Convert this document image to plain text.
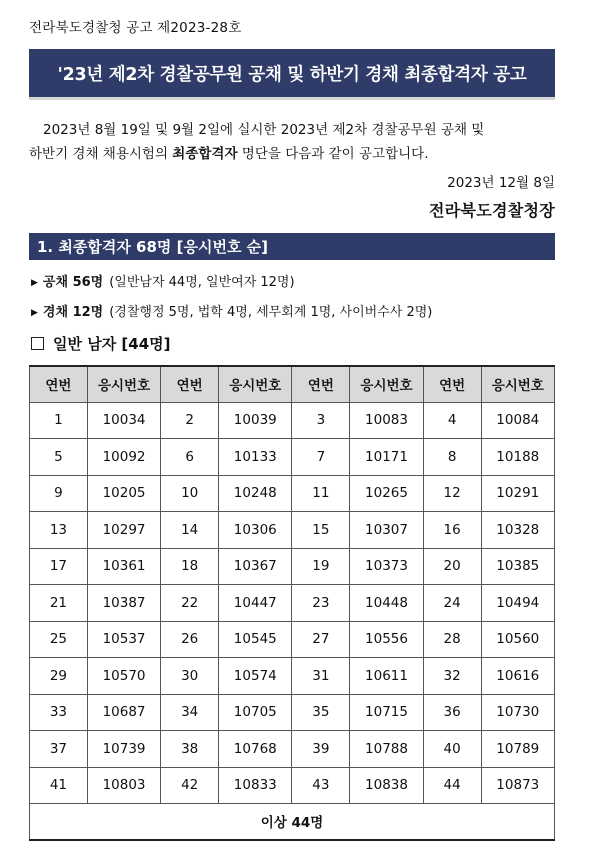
전라북도경찰청 공고 제2023-28호
'23년 제2차 경찰공무원 공채 및 하반기 경채 최종합격자 공고
2023년 8월 19일 및 9월 2일에 실시한 2023년 제2차 경찰공무원 공채 및
하반기 경채 채용시험의 최종합격자 명단을 다음과 같이 공고합니다.
2023년 12월 8일
전라북도경찰청장
1. 최종합격자 68명 [응시번호 순]
▶ 공채 56명 (일반남자 44명, 일반여자 12명)
▶ 경채 12명 (경찰행정 5명, 법학 4명, 세무회계 1명, 사이버수사 2명)
일반 남자 [44명]
연번	응시번호	연번	응시번호	연번	응시번호	연번	응시번호
1	10034	2	10039	3	10083	4	10084
5	10092	6	10133	7	10171	8	10188
9	10205	10	10248	11	10265	12	10291
13	10297	14	10306	15	10307	16	10328
17	10361	18	10367	19	10373	20	10385
21	10387	22	10447	23	10448	24	10494
25	10537	26	10545	27	10556	28	10560
29	10570	30	10574	31	10611	32	10616
33	10687	34	10705	35	10715	36	10730
37	10739	38	10768	39	10788	40	10789
41	10803	42	10833	43	10838	44	10873
이상 44명							
